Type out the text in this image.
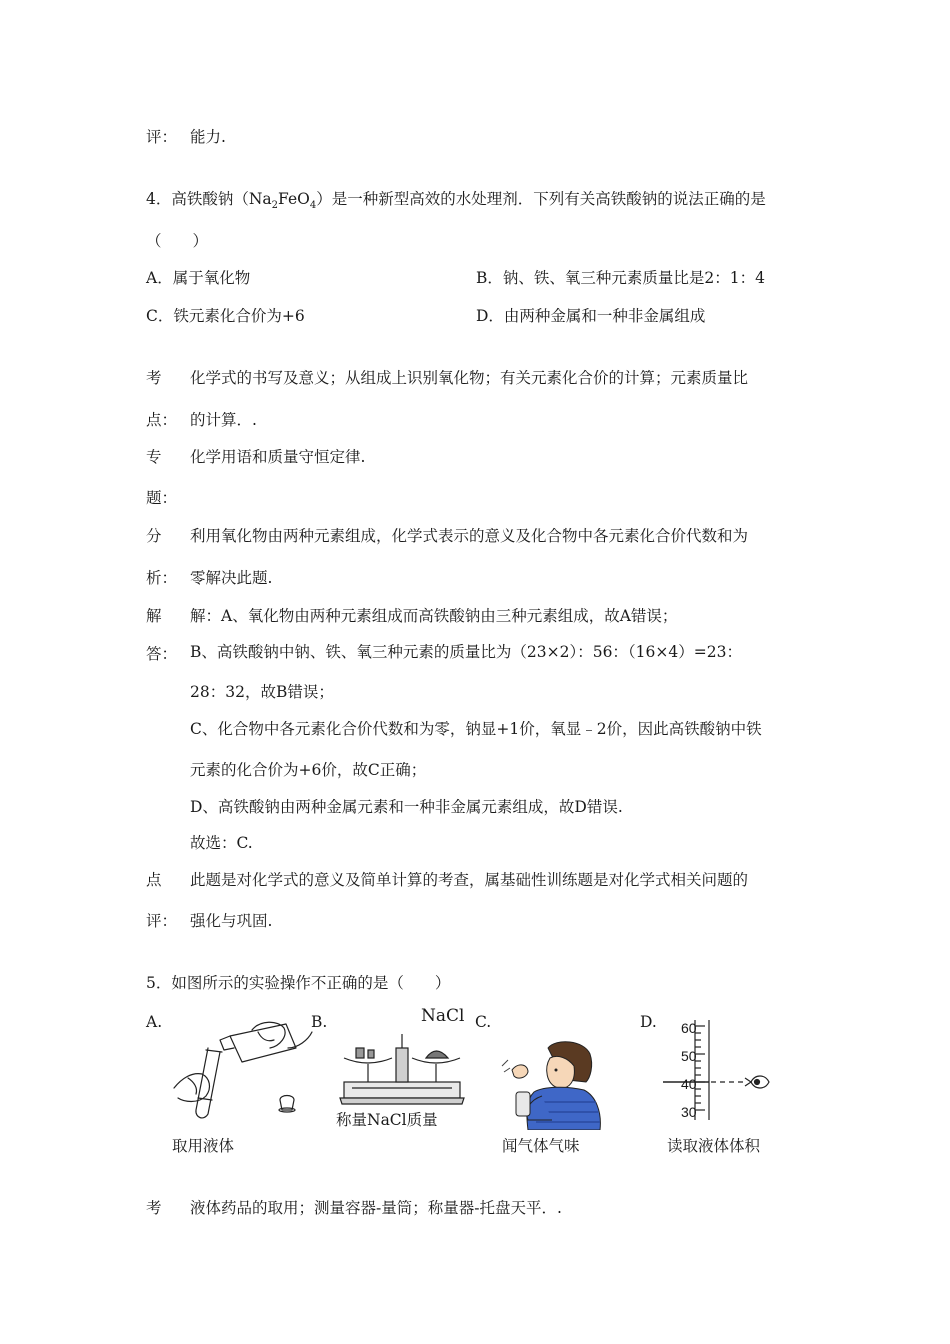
评： 能力.
4．高铁酸钠$(Na_2FeO_4)$是一种新型高效的水处理剂．下列有关高铁酸钠的说法正确的是
（　　）
A．属于氧化物	B．钠、铁、氧三种元素质量比是2：1：4
C．铁元素化合价为+6	D．由两种金属和一种非金属组成
考 化学式的书写及意义；从组成上识别氧化物；有关元素化合价的计算；元素质量比
点： 的计算．.
专 化学用语和质量守恒定律.
题：
分 利用氧化物由两种元素组成，化学式表示的意义及化合物中各元素化合价代数和为
析： 零解决此题.
解 解：A、氧化物由两种元素组成而高铁酸钠由三种元素组成，故A错误；
答： B、高铁酸钠中钠、铁、氧三种元素的质量比为（23×2）：56：（16×4）=23：
28：32，故B错误；
C、化合物中各元素化合价代数和为零，钠显+1价，氧显﹣2价，因此高铁酸钠中铁
元素的化合价为+6价，故C正确；
D、高铁酸钠由两种金属元素和一种非金属元素组成，故D错误.
故选：C.
点 此题是对化学式的意义及简单计算的考查，属基础性训练题是对化学式相关问题的
评： 强化与巩固.
5．如图所示的实验操作不正确的是（　　）
A.	B.	C.	D.
NaCl
60
50
40
30
取用液体
称量NaCl质量
闻气体气味	读取液体体积
考 液体药品的取用；测量容器-量筒；称量器-托盘天平．.
